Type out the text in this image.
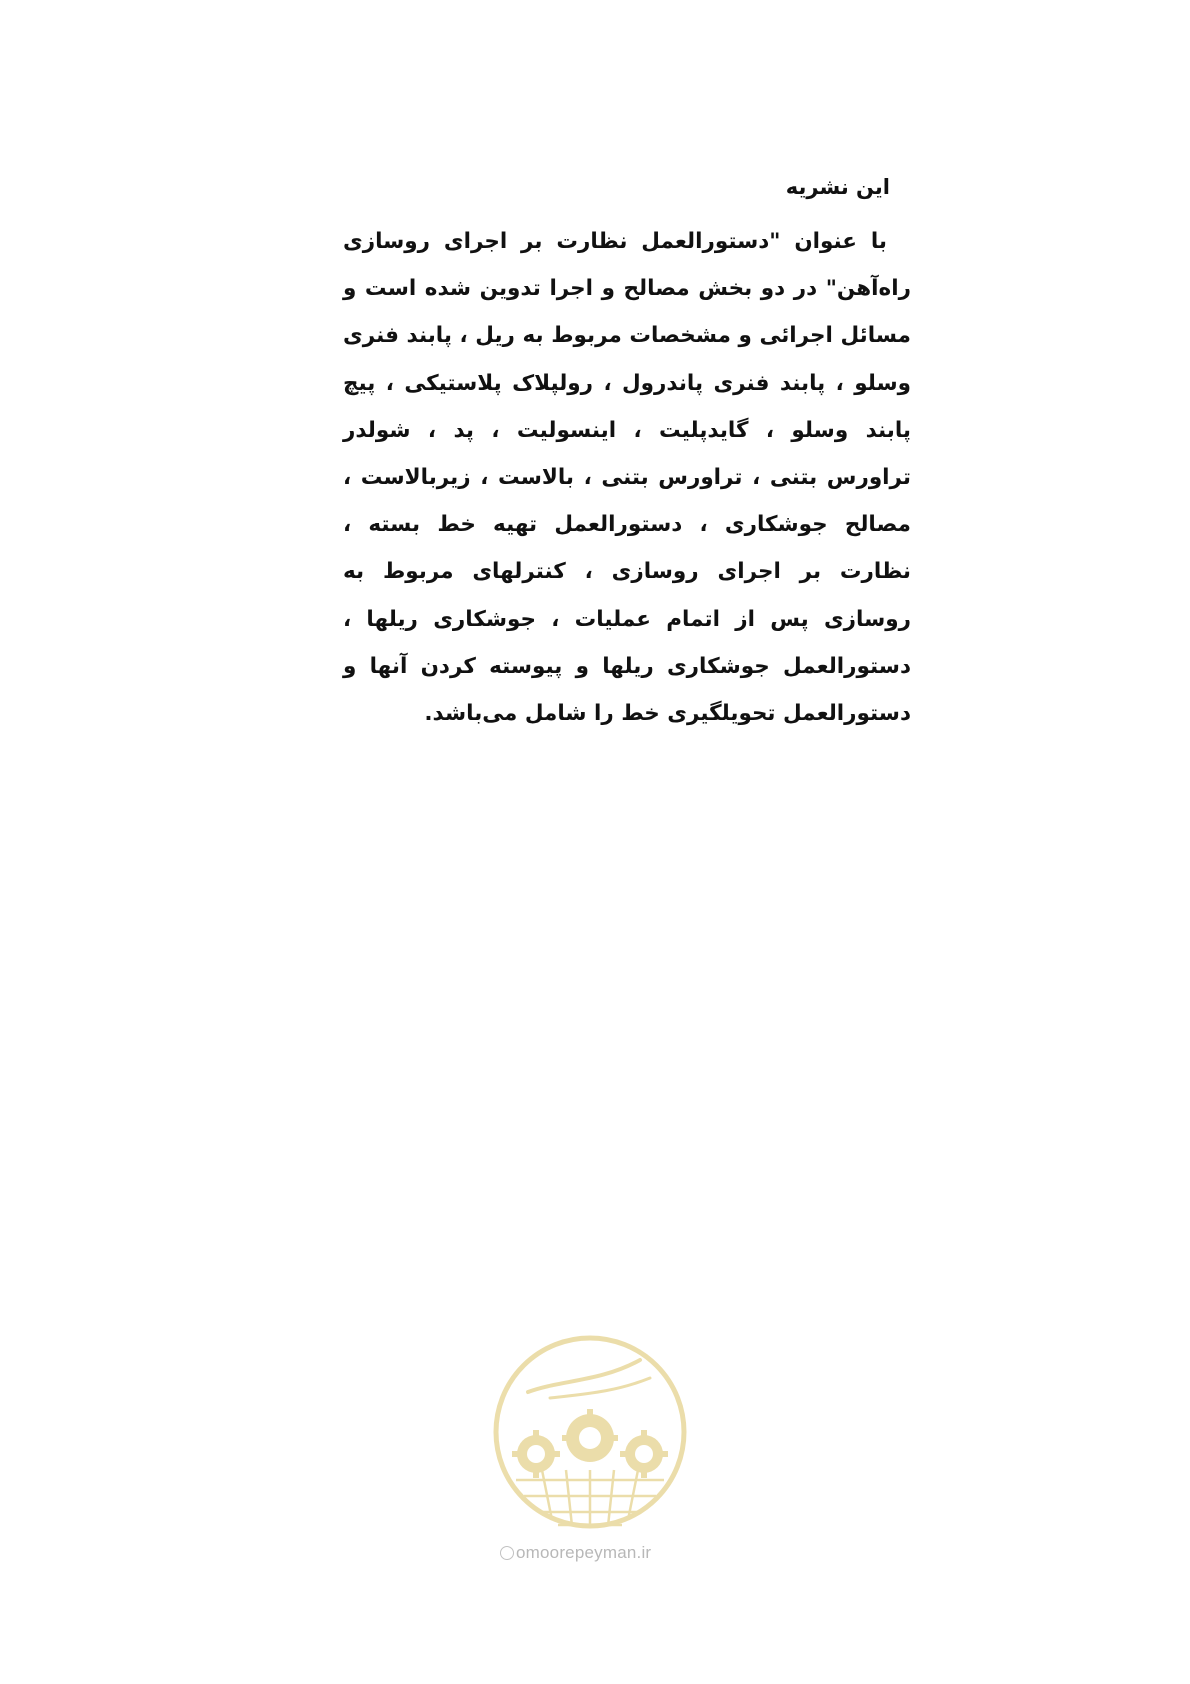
این نشریه

با عنوان "دستورالعمل نظارت بر اجرای روسازی راه‌آهن" در دو بخش مصالح و اجرا تدوین شده است و مسائل اجرائی و مشخصات مربوط به ریل ، پابند فنری وسلو ، پابند فنری پاندرول ، رولپلاک پلاستیکی ، پیچ پابند وسلو ، گایدپلیت ، اینسولیت ، پد ، شولدر تراورس بتنی ، تراورس بتنی ، بالاست ، زیربالاست ، مصالح جوشکاری ، دستورالعمل تهیه خط بسته ، نظارت بر اجرای روسازی ، کنترلهای مربوط به روسازی پس از اتمام عملیات ، جوشکاری ریلها ، دستورالعمل جوشکاری ریلها و پیوسته کردن آنها و دستورالعمل تحویلگیری خط را شامل می‌باشد.

omoorepeyman.ir
